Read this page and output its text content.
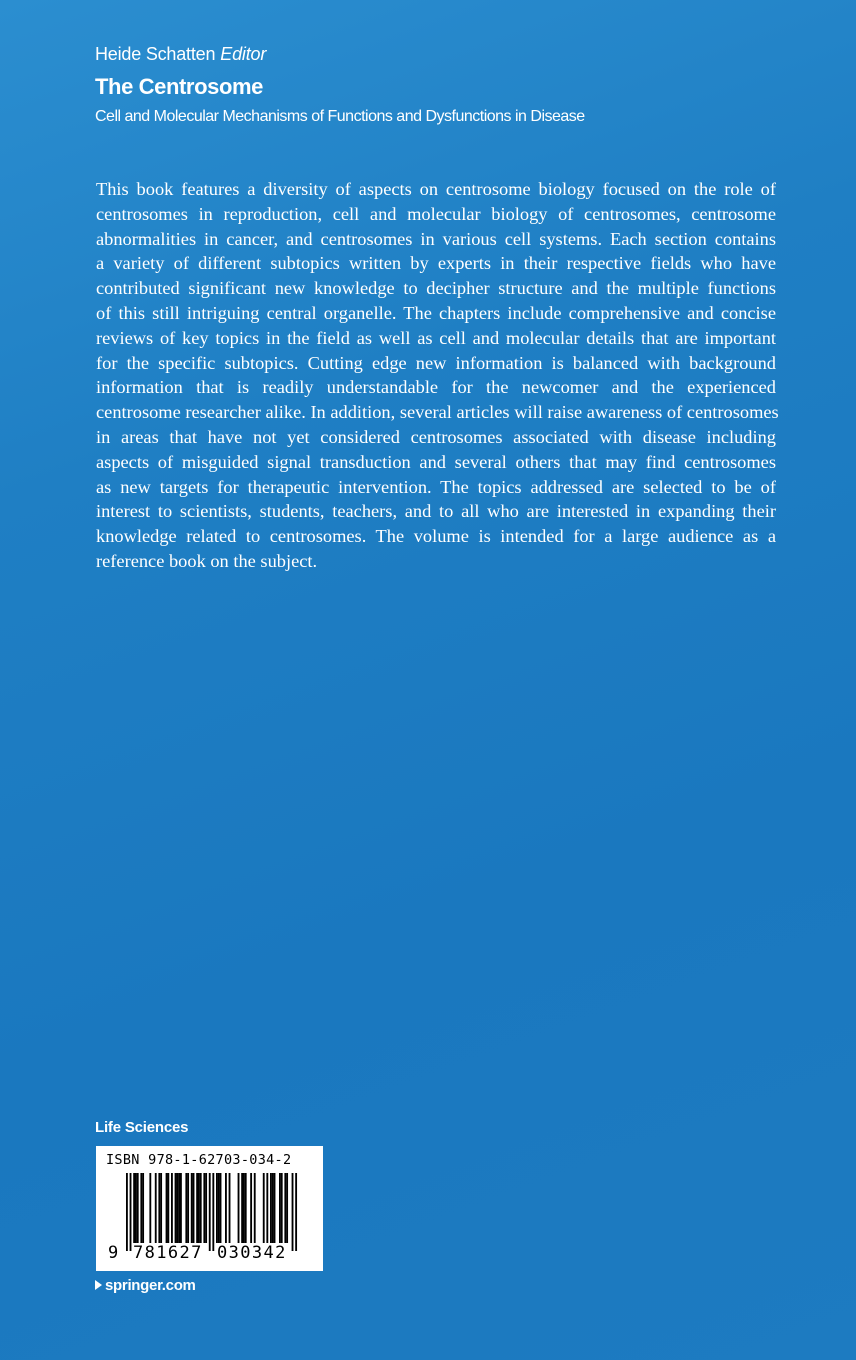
Heide Schatten Editor
The Centrosome
Cell and Molecular Mechanisms of Functions and Dysfunctions in Disease
This book features a diversity of aspects on centrosome biology focused on the role of
centrosomes in reproduction, cell and molecular biology of centrosomes, centrosome
abnormalities in cancer, and centrosomes in various cell systems. Each section contains
a variety of different subtopics written by experts in their respective fields who have
contributed significant new knowledge to decipher structure and the multiple functions
of this still intriguing central organelle. The chapters include comprehensive and concise
reviews of key topics in the field as well as cell and molecular details that are important
for the specific subtopics. Cutting edge new information is balanced with background
information that is readily understandable for the newcomer and the experienced
centrosome researcher alike. In addition, several articles will raise awareness of centrosomes
in areas that have not yet considered centrosomes associated with disease including
aspects of misguided signal transduction and several others that may find centrosomes
as new targets for therapeutic intervention. The topics addressed are selected to be of
interest to scientists, students, teachers, and to all who are interested in expanding their
knowledge related to centrosomes. The volume is intended for a large audience as a
reference book on the subject.
Life Sciences
ISBN 978-1-62703-034-2
9 781627 030342
springer.com
